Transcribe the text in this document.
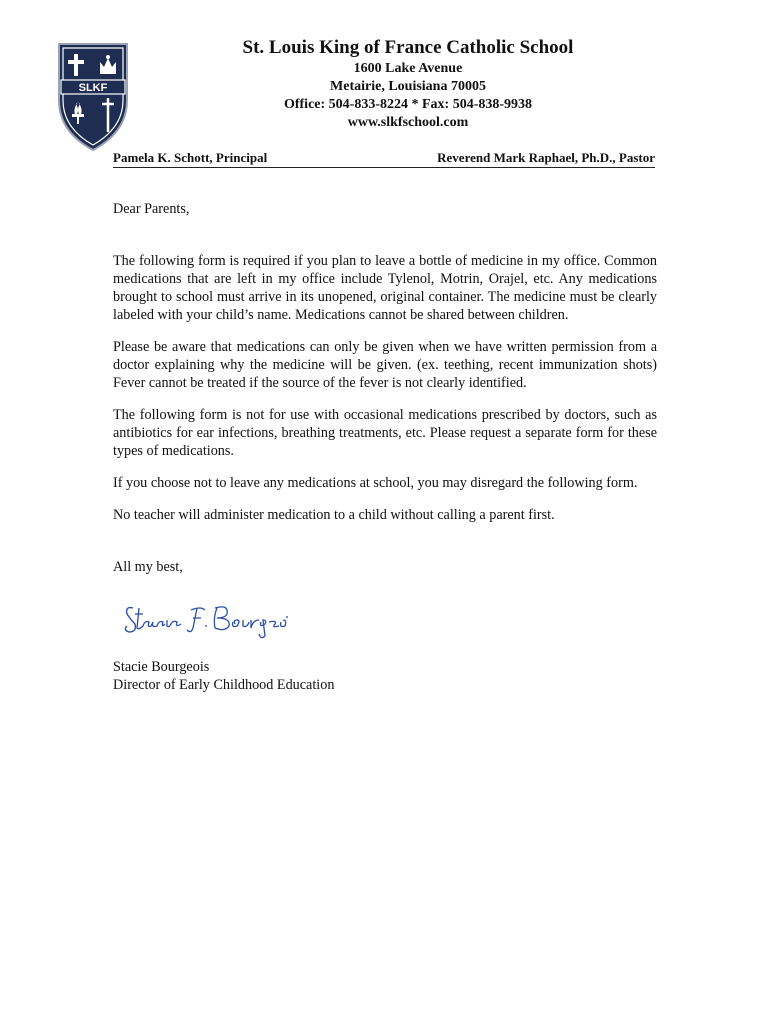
SLKF

St. Louis King of France Catholic School

1600 Lake Avenue

Metairie, Louisiana 70005

Office: 504-833-8224 * Fax: 504-838-9938

www.slkfschool.com

Pamela K. Schott, Principal	Reverend Mark Raphael, Ph.D., Pastor

Dear Parents,

The following form is required if you plan to leave a bottle of medicine in my office. Common medications that are left in my office include Tylenol, Motrin, Orajel, etc. Any medications brought to school must arrive in its unopened, original container. The medicine must be clearly labeled with your child’s name. Medications cannot be shared between children.

Please be aware that medications can only be given when we have written permission from a doctor explaining why the medicine will be given. (ex. teething, recent immunization shots) Fever cannot be treated if the source of the fever is not clearly identified.

The following form is not for use with occasional medications prescribed by doctors, such as antibiotics for ear infections, breathing treatments, etc. Please request a separate form for these types of medications.

If you choose not to leave any medications at school, you may disregard the following form.

No teacher will administer medication to a child without calling a parent first.

All my best,

Stacie Bourgeois

Director of Early Childhood Education
